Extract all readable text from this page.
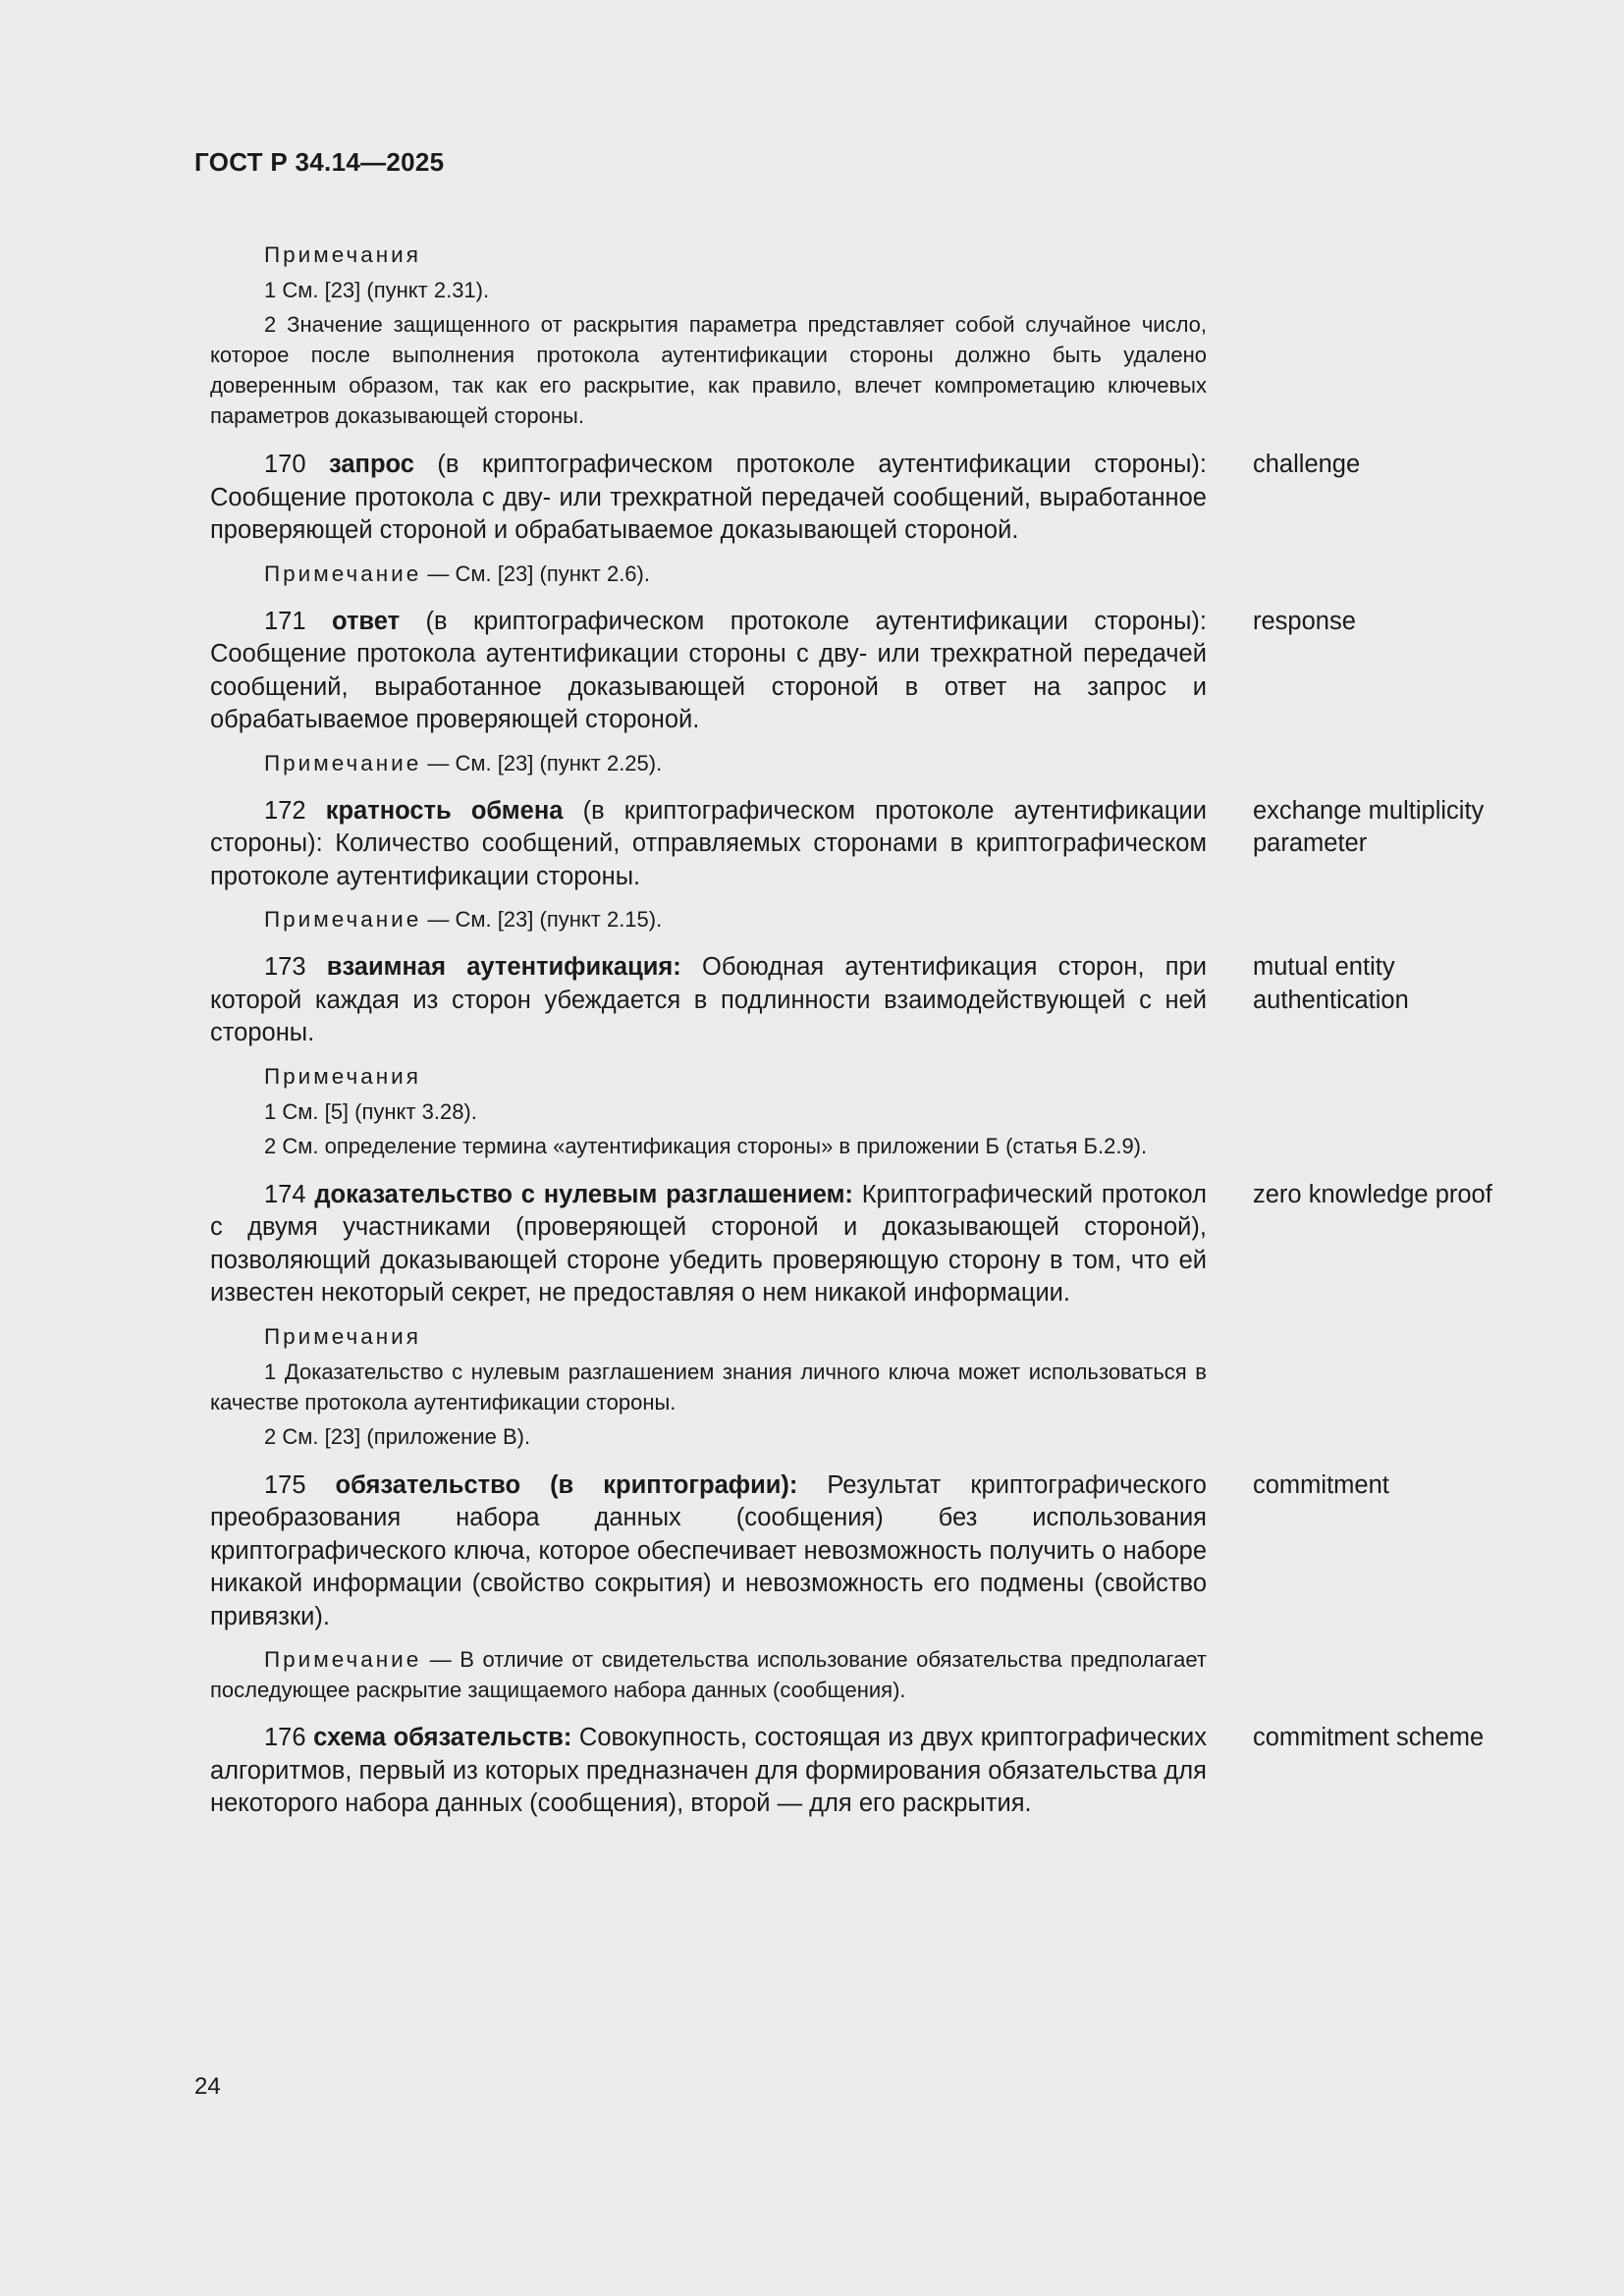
ГОСТ Р 34.14—2025
Примечания
1 См. [23] (пункт 2.31).
2 Значение защищенного от раскрытия параметра представляет собой случайное число, которое после выполнения протокола аутентификации стороны должно быть удалено доверенным образом, так как его раскрытие, как правило, влечет компрометацию ключевых параметров доказывающей стороны.
170 запрос (в криптографическом протоколе аутентификации стороны): Сообщение протокола с дву- или трехкратной передачей сообщений, выработанное проверяющей стороной и обрабатываемое доказывающей стороной.
challenge
Примечание — См. [23] (пункт 2.6).
171 ответ (в криптографическом протоколе аутентификации стороны): Сообщение протокола аутентификации стороны с дву- или трехкратной передачей сообщений, выработанное доказывающей стороной в ответ на запрос и обрабатываемое проверяющей стороной.
response
Примечание — См. [23] (пункт 2.25).
172 кратность обмена (в криптографическом протоколе аутентификации стороны): Количество сообщений, отправляемых сторонами в криптографическом протоколе аутентификации стороны.
exchange multiplicity parameter
Примечание — См. [23] (пункт 2.15).
173 взаимная аутентификация: Обоюдная аутентификация сторон, при которой каждая из сторон убеждается в подлинности взаимодействующей с ней стороны.
mutual entity authentication
Примечания
1 См. [5] (пункт 3.28).
2 См. определение термина «аутентификация стороны» в приложении Б (статья Б.2.9).
174 доказательство с нулевым разглашением: Криптографический протокол с двумя участниками (проверяющей стороной и доказывающей стороной), позволяющий доказывающей стороне убедить проверяющую сторону в том, что ей известен некоторый секрет, не предоставляя о нем никакой информации.
zero knowledge proof
Примечания
1 Доказательство с нулевым разглашением знания личного ключа может использоваться в качестве протокола аутентификации стороны.
2 См. [23] (приложение В).
175 обязательство (в криптографии): Результат криптографического преобразования набора данных (сообщения) без использования криптографического ключа, которое обеспечивает невозможность получить о наборе никакой информации (свойство сокрытия) и невозможность его подмены (свойство привязки).
commitment
Примечание — В отличие от свидетельства использование обязательства предполагает последующее раскрытие защищаемого набора данных (сообщения).
176 схема обязательств: Совокупность, состоящая из двух криптографических алгоритмов, первый из которых предназначен для формирования обязательства для некоторого набора данных (сообщения), второй — для его раскрытия.
commitment scheme
24
